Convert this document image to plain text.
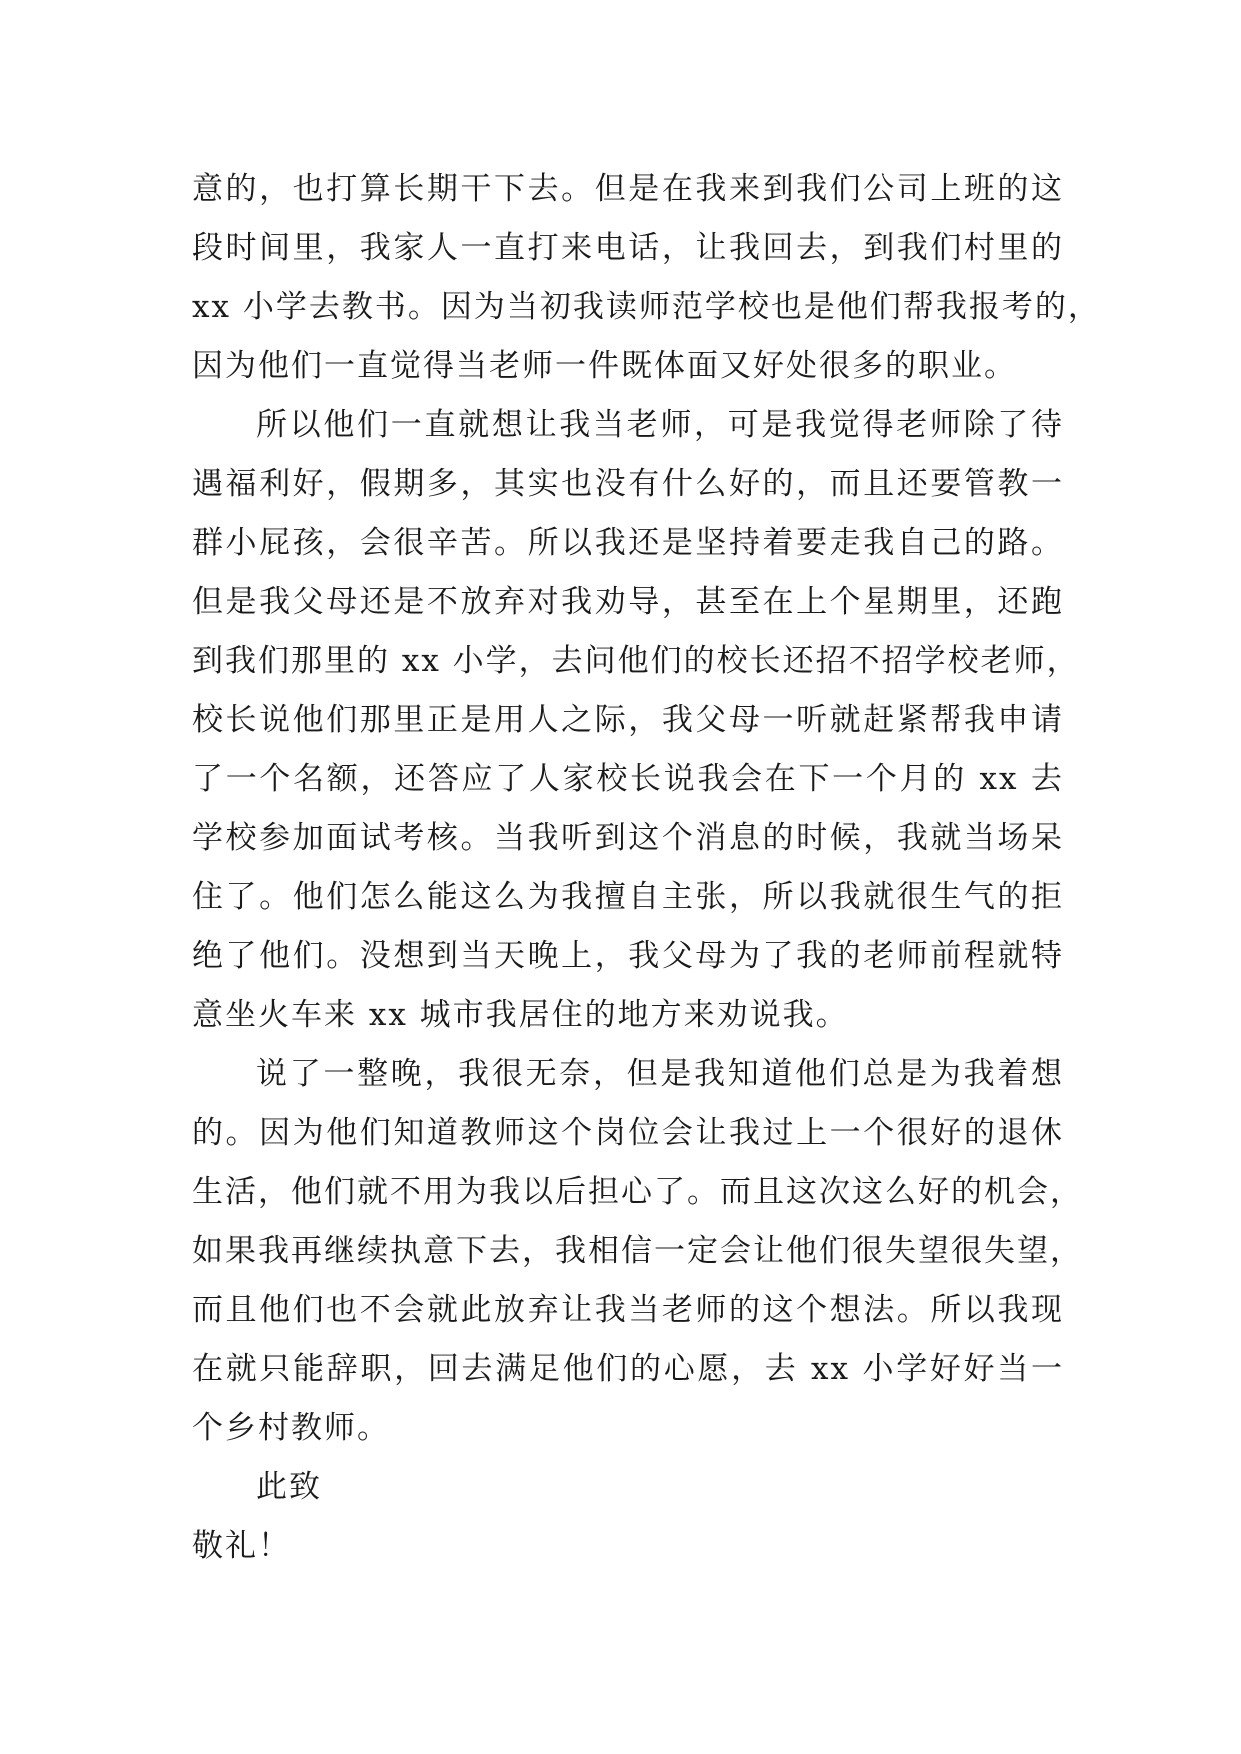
意的，也打算长期干下去。但是在我来到我们公司上班的这
段时间里，我家人一直打来电话，让我回去，到我们村里的
xx 小学去教书。因为当初我读师范学校也是他们帮我报考的，
因为他们一直觉得当老师一件既体面又好处很多的职业。
所以他们一直就想让我当老师，可是我觉得老师除了待
遇福利好，假期多，其实也没有什么好的，而且还要管教一
群小屁孩，会很辛苦。所以我还是坚持着要走我自己的路。
但是我父母还是不放弃对我劝导，甚至在上个星期里，还跑
到我们那里的 xx 小学，去问他们的校长还招不招学校老师，
校长说他们那里正是用人之际，我父母一听就赶紧帮我申请
了一个名额，还答应了人家校长说我会在下一个月的 xx 去
学校参加面试考核。当我听到这个消息的时候，我就当场呆
住了。他们怎么能这么为我擅自主张，所以我就很生气的拒
绝了他们。没想到当天晚上，我父母为了我的老师前程就特
意坐火车来 xx 城市我居住的地方来劝说我。
说了一整晚，我很无奈，但是我知道他们总是为我着想
的。因为他们知道教师这个岗位会让我过上一个很好的退休
生活，他们就不用为我以后担心了。而且这次这么好的机会，
如果我再继续执意下去，我相信一定会让他们很失望很失望，
而且他们也不会就此放弃让我当老师的这个想法。所以我现
在就只能辞职，回去满足他们的心愿，去 xx 小学好好当一
个乡村教师。
此致
敬礼！
